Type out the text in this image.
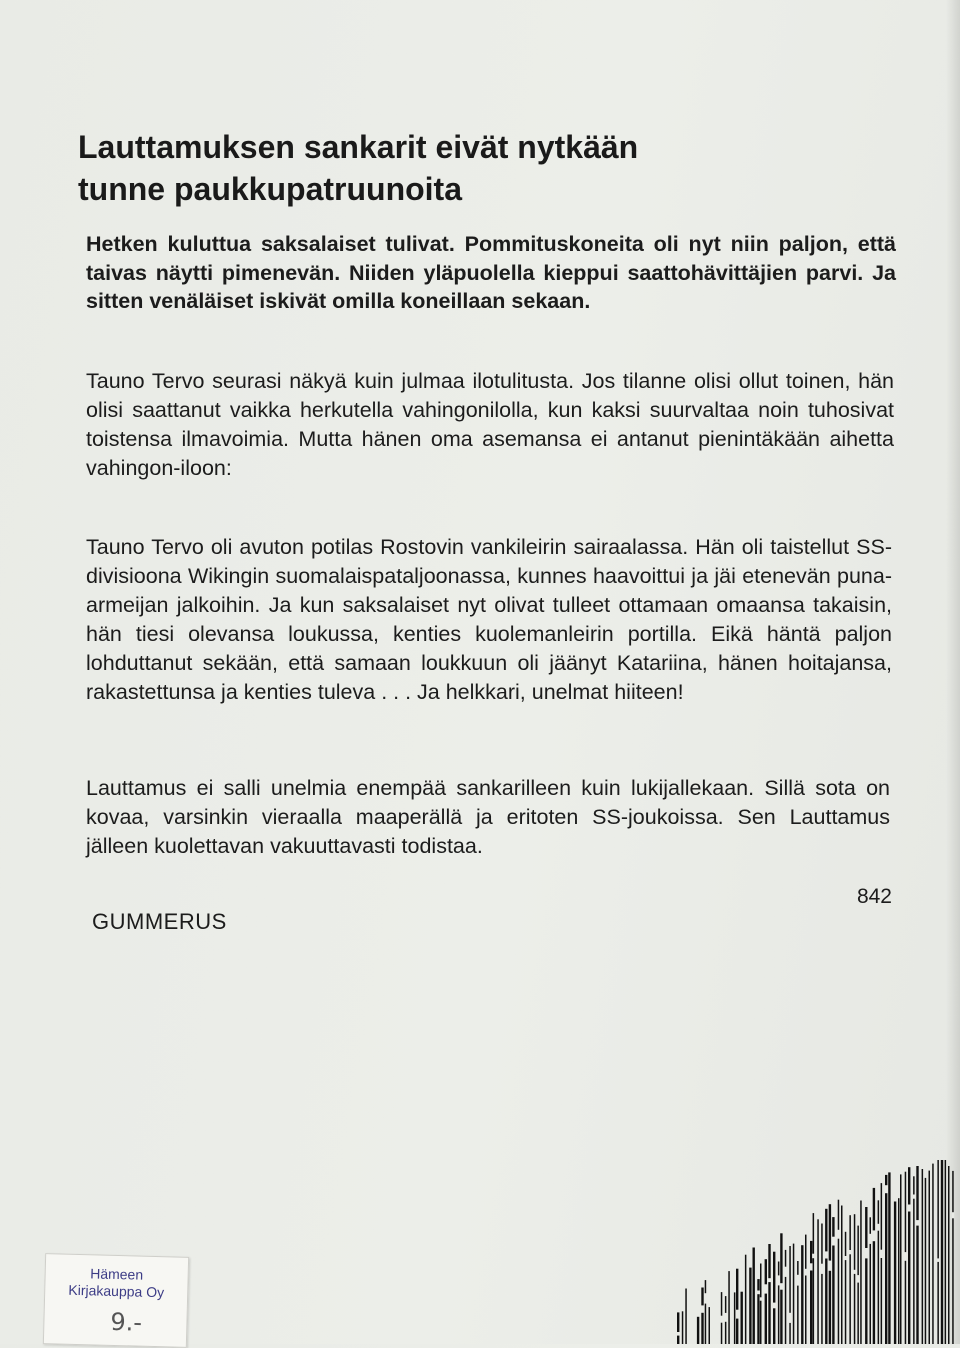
Lauttamuksen sankarit eivät nytkään
tunne paukkupatruunoita

Hetken kuluttua saksalaiset tulivat. Pommituskoneita oli nyt niin paljon, että taivas näytti pimenevän. Niiden yläpuolella kieppui saattohävittäjien parvi. Ja sitten venäläiset iskivät omilla koneillaan sekaan.

Tauno Tervo seurasi näkyä kuin julmaa ilotulitusta. Jos tilanne olisi ollut toinen, hän olisi saattanut vaikka herkutella vahingonilolla, kun kaksi suurvaltaa noin tuhosivat toistensa ilmavoimia. Mutta hänen oma asemansa ei antanut pienintäkään aihetta vahingon-iloon:

Tauno Tervo oli avuton potilas Rostovin vankileirin sairaalassa. Hän oli taistellut SS-divisioona Wikingin suomalaispataljoonassa, kunnes haavoittui ja jäi etenevän puna-armeijan jalkoihin. Ja kun saksalaiset nyt olivat tulleet ottamaan omaansa takaisin, hän tiesi olevansa loukussa, kenties kuolemanleirin portilla. Eikä häntä paljon lohduttanut sekään, että samaan loukkuun oli jäänyt Katariina, hänen hoitajansa, rakastettunsa ja kenties tuleva . . . Ja helkkari, unelmat hiiteen!

Lauttamus ei salli unelmia enempää sankarilleen kuin lukijallekaan. Sillä sota on kovaa, varsinkin vieraalla maaperällä ja eritoten SS-joukoissa. Sen Lauttamus jälleen kuolettavan vakuuttavasti todistaa.

842
GUMMERUS
Hämeen
Kirjakauppa Oy
9.-
